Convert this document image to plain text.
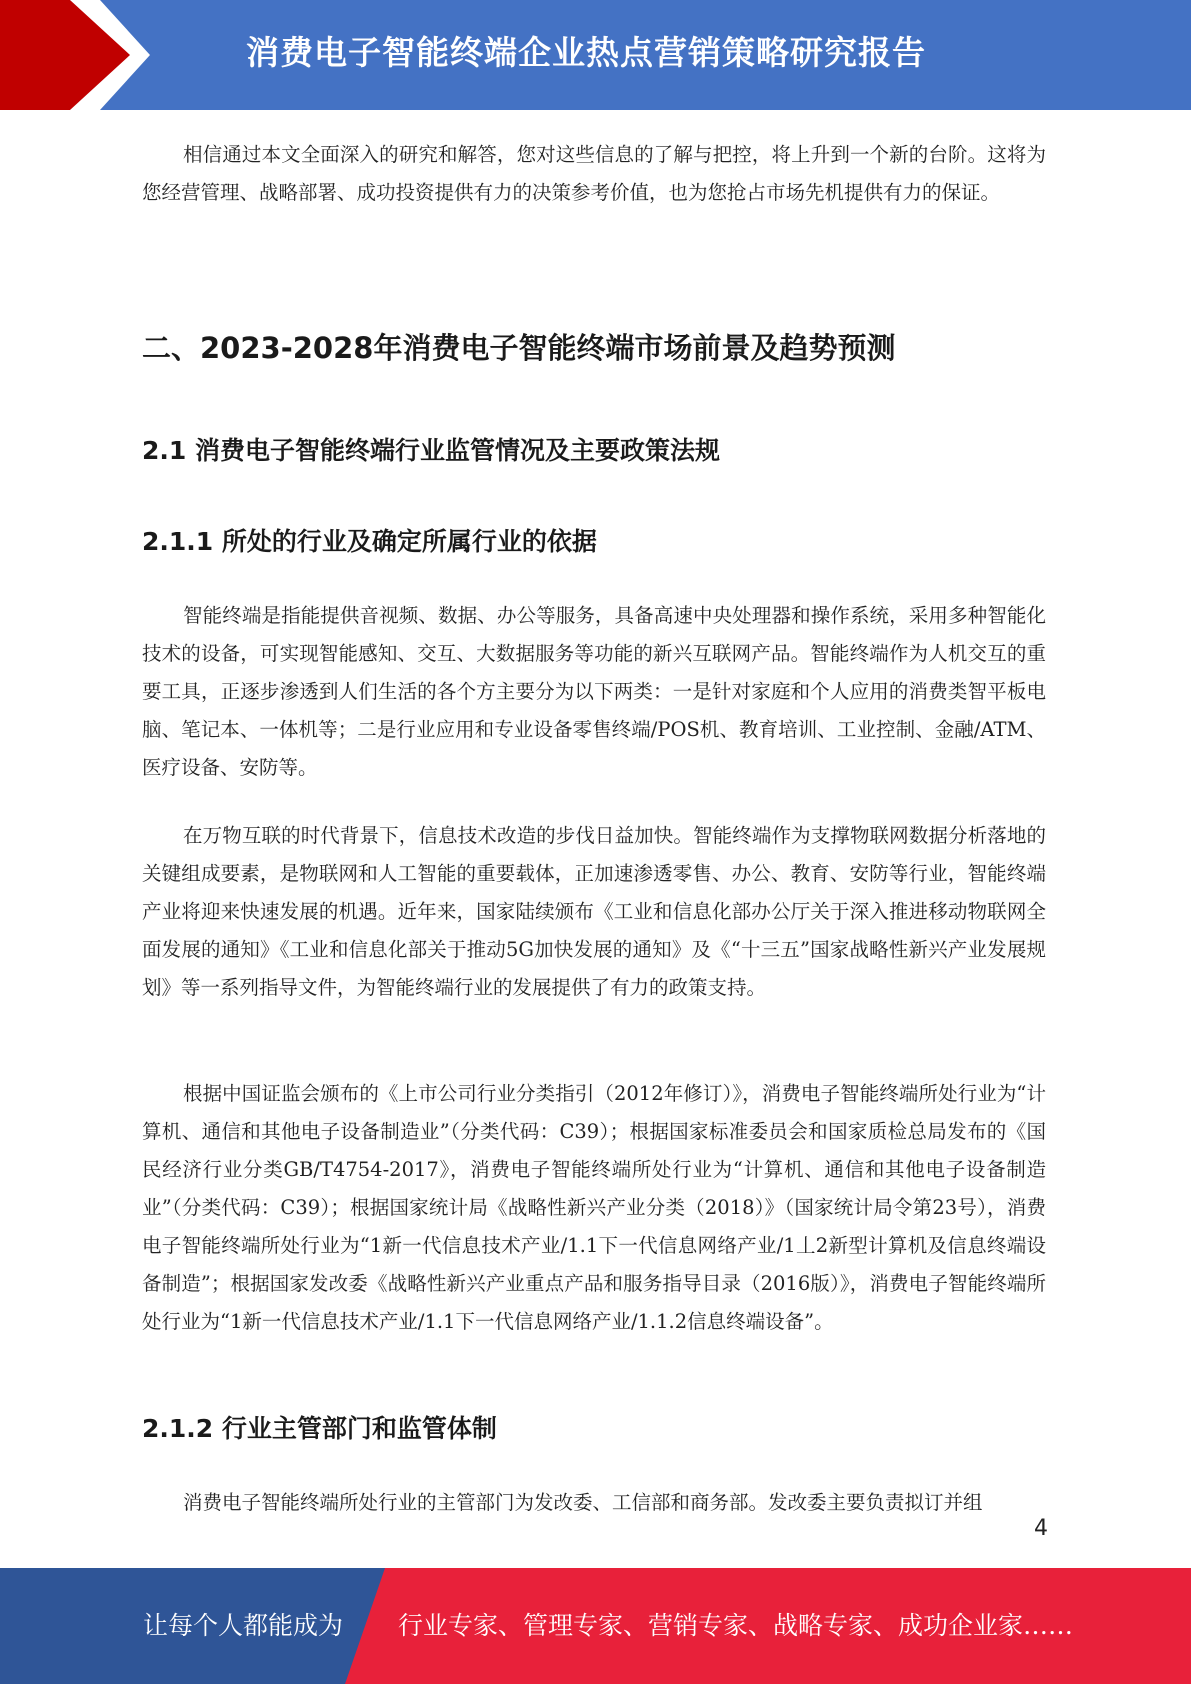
消费电子智能终端企业热点营销策略研究报告

相信通过本文全面深入的研究和解答，您对这些信息的了解与把控，将上升到一个新的台阶。这将为您经营管理、战略部署、成功投资提供有力的决策参考价值，也为您抢占市场先机提供有力的保证。

二、2023-2028年消费电子智能终端市场前景及趋势预测
2.1 消费电子智能终端行业监管情况及主要政策法规
2.1.1 所处的行业及确定所属行业的依据

智能终端是指能提供音视频、数据、办公等服务，具备高速中央处理器和操作系统，采用多种智能化技术的设备，可实现智能感知、交互、大数据服务等功能的新兴互联网产品。智能终端作为人机交互的重要工具，正逐步渗透到人们生活的各个方主要分为以下两类：一是针对家庭和个人应用的消费类智平板电脑、笔记本、一体机等；二是行业应用和专业设备零售终端/POS机、教育培训、工业控制、金融/ATM、医疗设备、安防等。

在万物互联的时代背景下，信息技术改造的步伐日益加快。智能终端作为支撑物联网数据分析落地的关键组成要素，是物联网和人工智能的重要载体，正加速渗透零售、办公、教育、安防等行业，智能终端产业将迎来快速发展的机遇。近年来，国家陆续颁布《工业和信息化部办公厅关于深入推进移动物联网全面发展的通知》《工业和信息化部关于推动5G加快发展的通知》及《“十三五”国家战略性新兴产业发展规划》等一系列指导文件，为智能终端行业的发展提供了有力的政策支持。

根据中国证监会颁布的《上市公司行业分类指引（2012年修订）》，消费电子智能终端所处行业为“计算机、通信和其他电子设备制造业”（分类代码：C39）；根据国家标准委员会和国家质检总局发布的《国民经济行业分类GB/T4754-2017》，消费电子智能终端所处行业为“计算机、通信和其他电子设备制造业”（分类代码：C39）；根据国家统计局《战略性新兴产业分类（2018）》（国家统计局令第23号），消费电子智能终端所处行业为“1新一代信息技术产业/1.1下一代信息网络产业/1丄2新型计算机及信息终端设备制造”；根据国家发改委《战略性新兴产业重点产品和服务指导目录（2016版）》，消费电子智能终端所处行业为“1新一代信息技术产业/1.1下一代信息网络产业/1.1.2信息终端设备”。

2.1.2 行业主管部门和监管体制

消费电子智能终端所处行业的主管部门为发改委、工信部和商务部。发改委主要负责拟订并组

4
让每个人都能成为 行业专家、管理专家、营销专家、战略专家、成功企业家……
